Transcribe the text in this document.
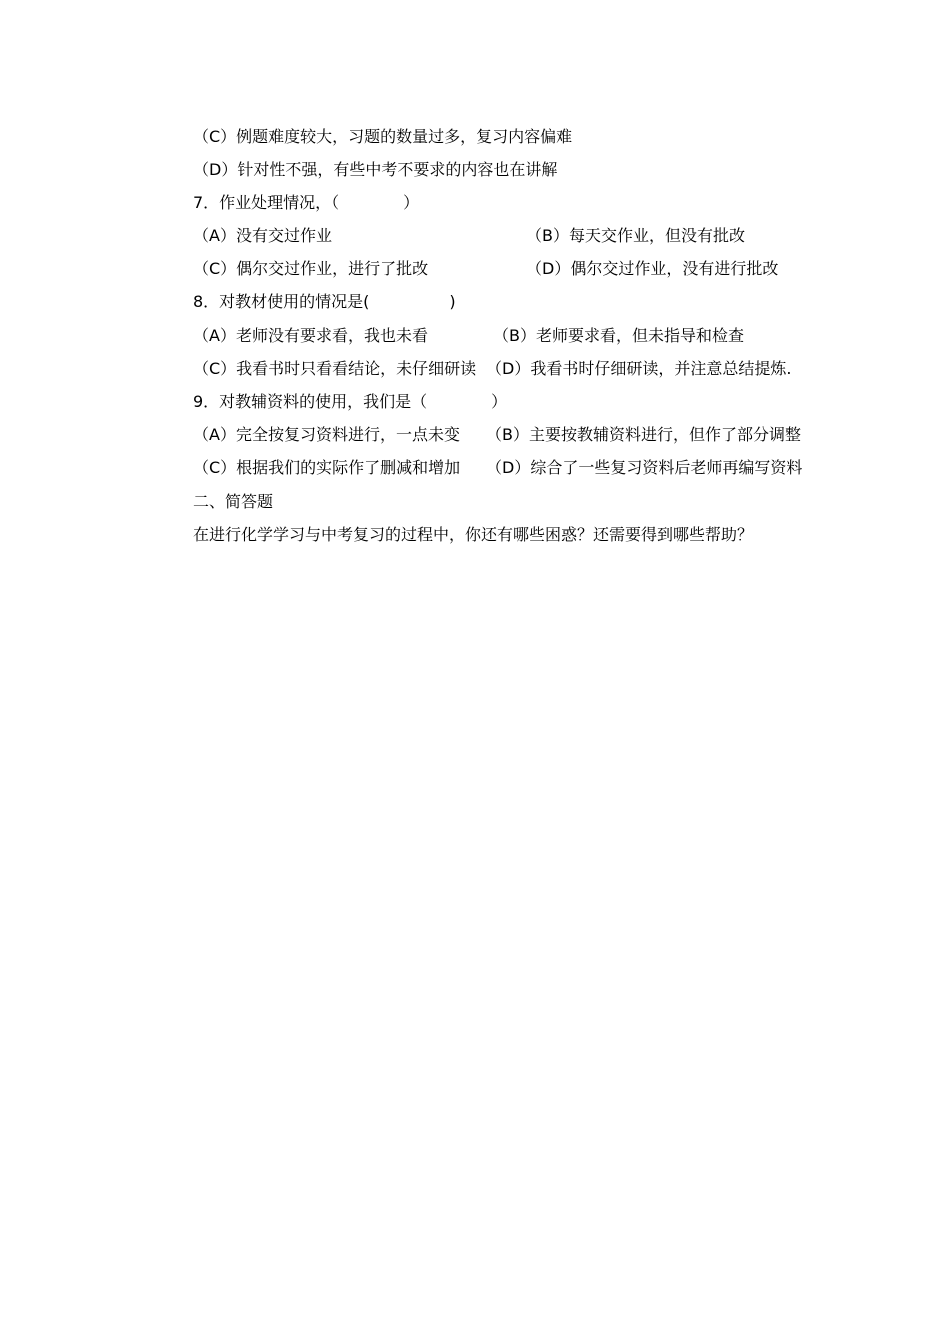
（C）例题难度较大，习题的数量过多，复习内容偏难
（D）针对性不强，有些中考不要求的内容也在讲解
7．作业处理情况，（　　　　）
（A）没有交过作业	（B）每天交作业，但没有批改
（C）偶尔交过作业，进行了批改	（D）偶尔交过作业，没有进行批改
8．对教材使用的情况是(　　　　　)
（A）老师没有要求看，我也未看	（B）老师要求看，但未指导和检查
（C）我看书时只看看结论，未仔细研读 （D）我看书时仔细研读，并注意总结提炼.
9．对教辅资料的使用，我们是（　　　　）
（A）完全按复习资料进行，一点未变 （B）主要按教辅资料进行，但作了部分调整
（C）根据我们的实际作了删减和增加 （D）综合了一些复习资料后老师再编写资料
二、简答题
在进行化学学习与中考复习的过程中，你还有哪些困惑？还需要得到哪些帮助？
